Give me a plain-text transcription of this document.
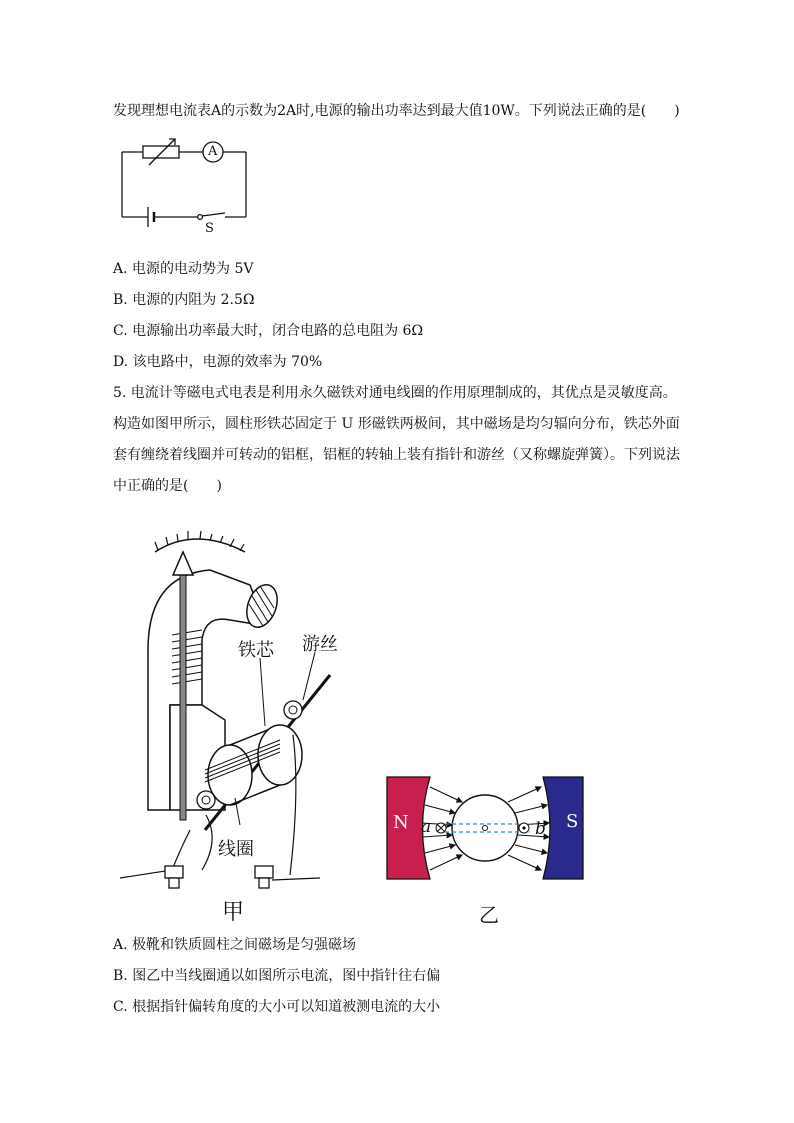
发现理想电流表A的示数为2A时,电源的输出功率达到最大值10W。下列说法正确的是(　　)
A
S
A. 电源的电动势为 5V
B. 电源的内阻为 2.5Ω
C. 电源输出功率最大时，闭合电路的总电阻为 6Ω
D. 该电路中，电源的效率为 70%
5. 电流计等磁电式电表是利用永久磁铁对通电线圈的作用原理制成的，其优点是灵敏度高。
构造如图甲所示，圆柱形铁芯固定于 U 形磁铁两极间，其中磁场是均匀辐向分布，铁芯外面
套有缠绕着线圈并可转动的铝框，铝框的转轴上装有指针和游丝（又称螺旋弹簧）。下列说法
中正确的是(　　)
铁芯 游丝
线圈
甲
N	S
a	b
乙
A. 极靴和铁质圆柱之间磁场是匀强磁场
B. 图乙中当线圈通以如图所示电流，图中指针往右偏
C. 根据指针偏转角度的大小可以知道被测电流的大小
